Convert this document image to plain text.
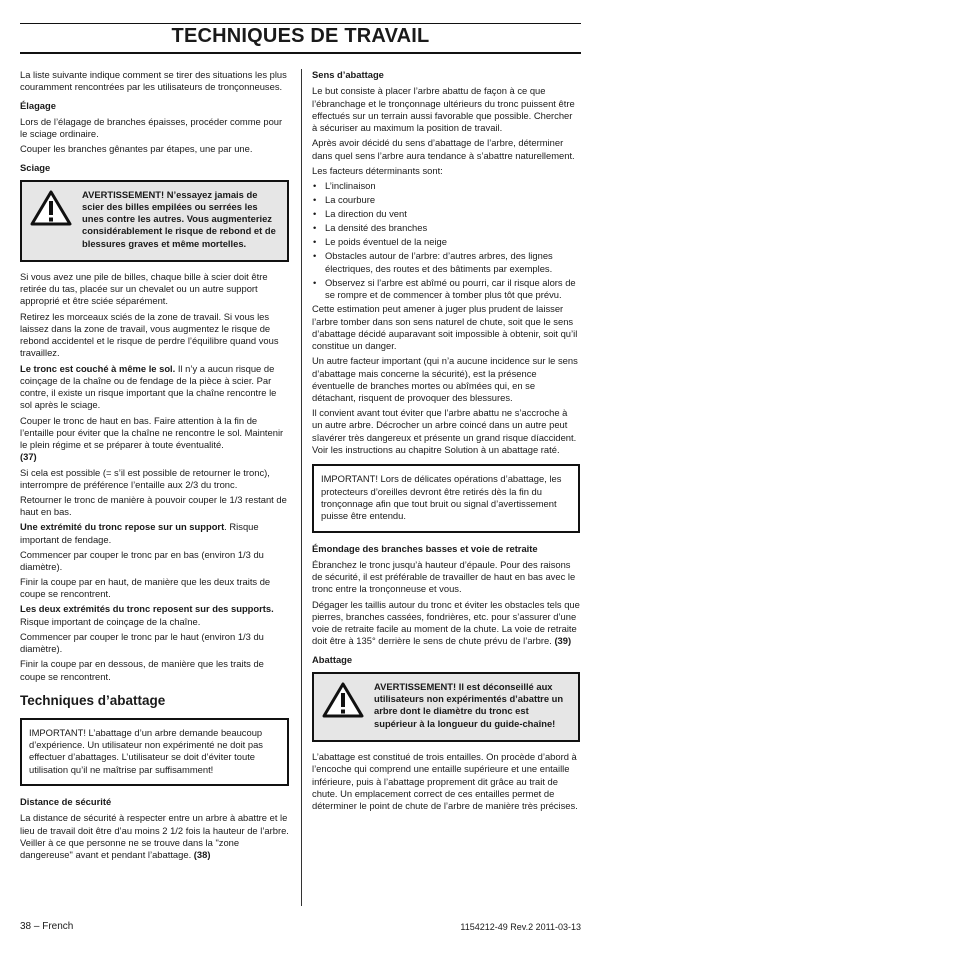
TECHNIQUES DE TRAVAIL

La liste suivante indique comment se tirer des situations les plus couramment rencontrées par les utilisateurs de tronçonneuses.

Élagage

Lors de l’élagage de branches épaisses, procéder comme pour le sciage ordinaire.

Couper les branches gênantes par étapes, une par une.

Sciage
AVERTISSEMENT! N’essayez jamais de scier des billes empilées ou serrées les unes contre les autres. Vous augmenteriez considérablement le risque de rebond et de blessures graves et même mortelles.

Si vous avez une pile de billes, chaque bille à scier doit être retirée du tas, placée sur un chevalet ou un autre support approprié et être sciée séparément.

Retirez les morceaux sciés de la zone de travail. Si vous les laissez dans la zone de travail, vous augmentez le risque de rebond accidentel et le risque de perdre l’équilibre quand vous travaillez.

Le tronc est couché à même le sol. Il n’y a aucun risque de coinçage de la chaîne ou de fendage de la pièce à scier. Par contre, il existe un risque important que la chaîne rencontre le sol après le sciage.

Couper le tronc de haut en bas. Faire attention à la fin de l’entaille pour éviter que la chaîne ne rencontre le sol. Maintenir le plein régime et se préparer à toute éventualité.
(37)

Si cela est possible (= s’il est possible de retourner le tronc), interrompre de préférence l’entaille aux 2/3 du tronc.

Retourner le tronc de manière à pouvoir couper le 1/3 restant de haut en bas.

Une extrémité du tronc repose sur un support. Risque important de fendage.

Commencer par couper le tronc par en bas (environ 1/3 du diamètre).

Finir la coupe par en haut, de manière que les deux traits de coupe se rencontrent.

Les deux extrémités du tronc reposent sur des supports. Risque important de coinçage de la chaîne.

Commencer par couper le tronc par le haut (environ 1/3 du diamètre).

Finir la coupe par en dessous, de manière que les traits de coupe se rencontrent.

Techniques d’abattage
IMPORTANT! L’abattage d’un arbre demande beaucoup d’expérience. Un utilisateur non expérimenté ne doit pas effectuer d’abattages. L’utilisateur se doit d’éviter toute utilisation qu’il ne maîtrise par suffisamment!
Distance de sécurité

La distance de sécurité à respecter entre un arbre à abattre et le lieu de travail doit être d’au moins 2 1/2 fois la hauteur de l’arbre. Veiller à ce que personne ne se trouve dans la "zone dangereuse" avant et pendant l’abattage. (38)

Sens d’abattage

Le but consiste à placer l’arbre abattu de façon à ce que l’ébranchage et le tronçonnage ultérieurs du tronc puissent être effectués sur un terrain aussi favorable que possible. Chercher à sécuriser au maximum la position de travail.

Après avoir décidé du sens d’abattage de l’arbre, déterminer dans quel sens l’arbre aura tendance à s’abattre naturellement.

Les facteurs déterminants sont:

• L’inclinaison
• La courbure
• La direction du vent
• La densité des branches
• Le poids éventuel de la neige
• Obstacles autour de l’arbre: d’autres arbres, des lignes électriques, des routes et des bâtiments par exemples.
• Observez si l’arbre est abîmé ou pourri, car il risque alors de se rompre et de commencer à tomber plus tôt que prévu.

Cette estimation peut amener à juger plus prudent de laisser l’arbre tomber dans son sens naturel de chute, soit que le sens d’abattage décidé auparavant soit impossible à obtenir, soit qu’il constitue un danger.

Un autre facteur important (qui n’a aucune incidence sur le sens d’abattage mais concerne la sécurité), est la présence éventuelle de branches mortes ou abîmées qui, en se détachant, risquent de provoquer des blessures.

Il convient avant tout éviter que l’arbre abattu ne s’accroche à un autre arbre. Décrocher un arbre coincé dans un autre peut sîavérer très dangereux et présente un grand risque díaccident. Voir les instructions au chapitre Solution à un abattage raté.

IMPORTANT! Lors de délicates opérations d’abattage, les protecteurs d’oreilles devront être retirés dès la fin du tronçonnage afin que tout bruit ou signal d’avertissement puisse être entendu.
Émondage des branches basses et voie de retraite

Ébranchez le tronc jusqu’à hauteur d’épaule. Pour des raisons de sécurité, il est préférable de travailler de haut en bas avec le tronc entre la tronçonneuse et vous.

Dégager les taillis autour du tronc et éviter les obstacles tels que pierres, branches cassées, fondrières, etc. pour s’assurer d’une voie de retraite facile au moment de la chute. La voie de retraite doit être à 135° derrière le sens de chute prévu de l’arbre. (39)

Abattage
AVERTISSEMENT! Il est déconseillé aux utilisateurs non expérimentés d’abattre un arbre dont le diamètre du tronc est supérieur à la longueur du guide-chaîne!

L’abattage est constitué de trois entailles. On procède d’abord à l’encoche qui comprend une entaille supérieure et une entaille inférieure, puis à l’abattage proprement dit grâce au trait de chute. Un emplacement correct de ces entailles permet de déterminer le point de chute de l’arbre de manière très précises.

38 – French	1154212-49 Rev.2 2011-03-13
